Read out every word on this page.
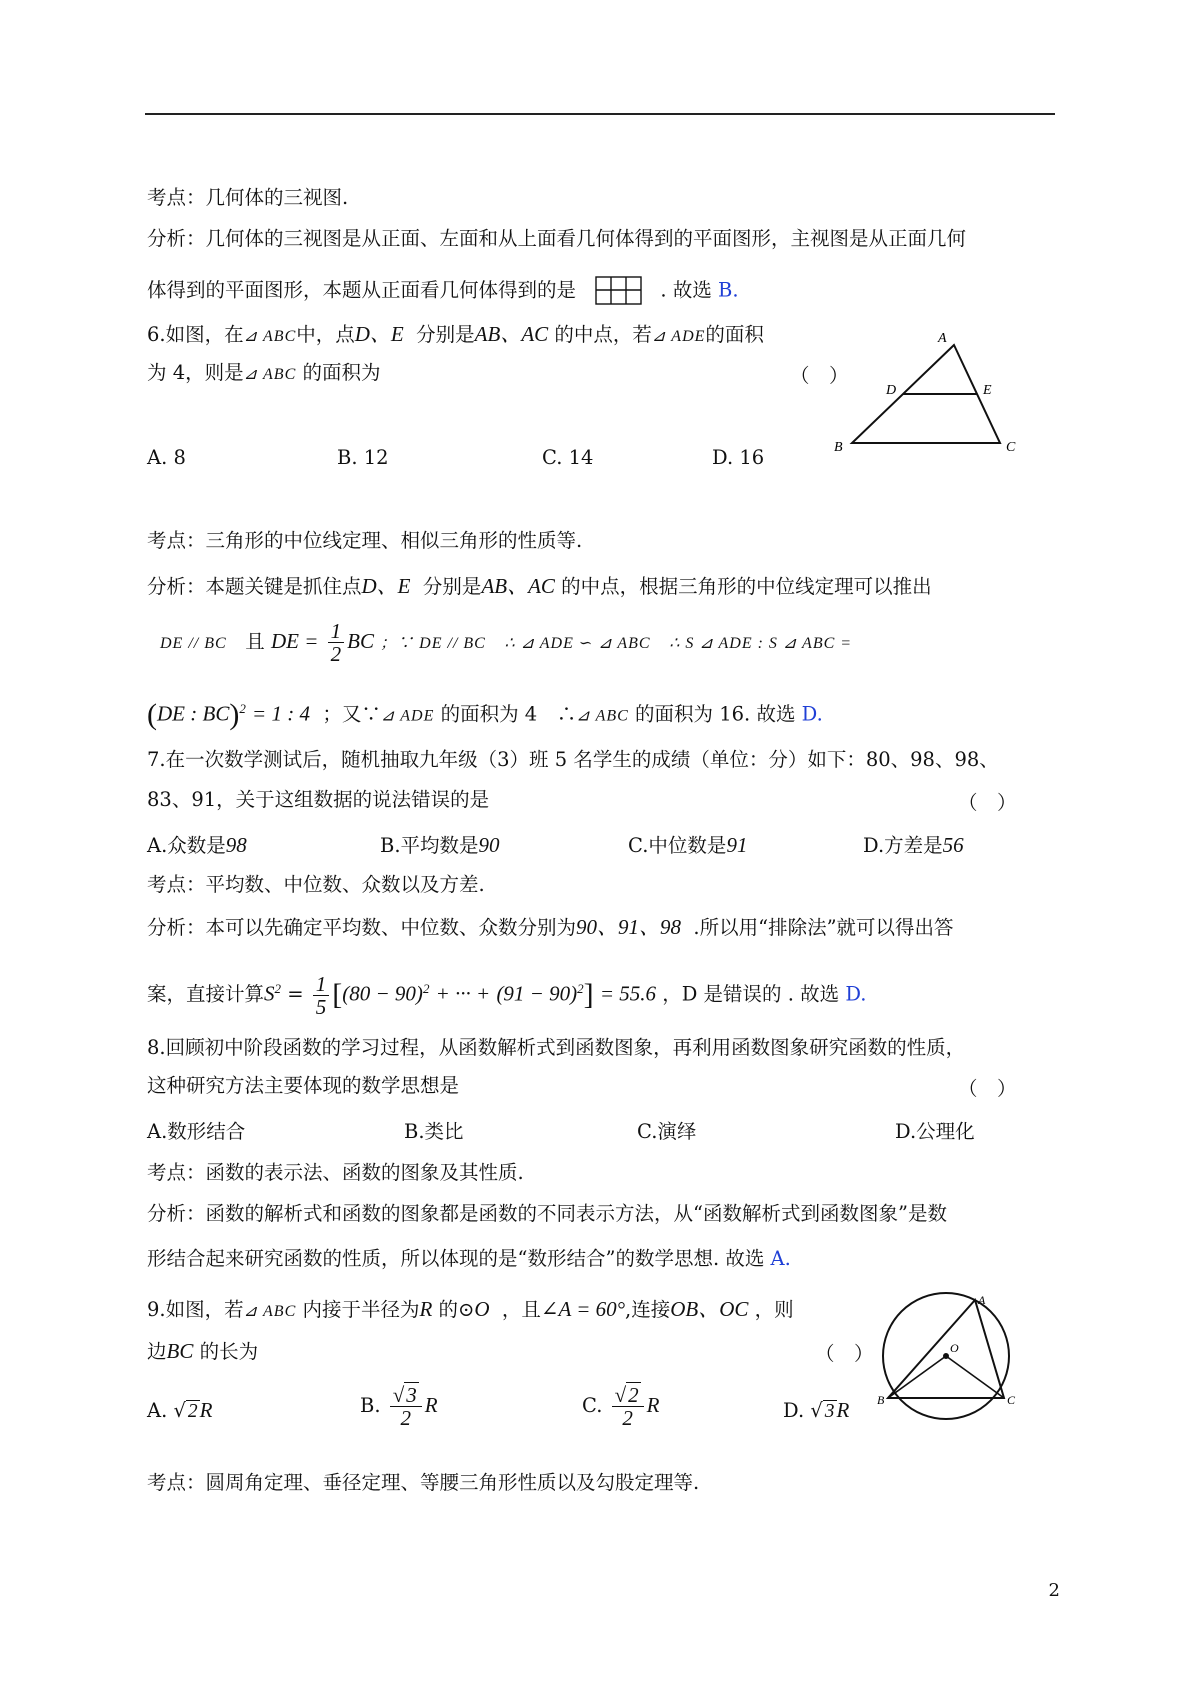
考点：几何体的三视图.
分析：几何体的三视图是从正面、左面和从上面看几何体得到的平面图形，主视图是从正面几何
体得到的平面图形，本题从正面看几何体得到的是	. 故选 B.
6.如图，在⊿ ABC中，点D、E 分别是AB、AC 的中点，若⊿ ADE的面积
为 4，则是⊿ ABC 的面积为	（　）
A
D	E
B	C
A. 8	B. 12	C. 14	D. 16
考点：三角形的中位线定理、相似三角形的性质等.
分析：本题关键是抓住点D、E 分别是AB、AC 的中点，根据三角形的中位线定理可以推出
DE // BC 且 DE = $\frac{1}{2}$ BC ；∵ DE // BC ∴ ⊿ ADE ∽ ⊿ ABC ∴ S ⊿ ADE : S ⊿ ABC =
(DE : BC)$^2$ = 1 : 4 ；又∵⊿ ADE 的面积为 4　∴⊿ ABC 的面积为 16. 故选 D.
7.在一次数学测试后，随机抽取九年级（3）班 5 名学生的成绩（单位：分）如下：80、98、98、
83、91，关于这组数据的说法错误的是	（　）
A.众数是98	B.平均数是90	C.中位数是91	D.方差是56
考点：平均数、中位数、众数以及方差.
分析：本可以先确定平均数、中位数、众数分别为90、91、98 .所以用“排除法”就可以得出答
案，直接计算$S^2 = \frac{1}{5} [(80 - 90)^2$ + ··· + $(91 - 90)^2] = 55.6$ ，D 是错误的 . 故选 D.
8.回顾初中阶段函数的学习过程，从函数解析式到函数图象，再利用函数图象研究函数的性质，
这种研究方法主要体现的数学思想是	（　）
A.数形结合	B.类比	C.演绎	D.公理化
考点：函数的表示法、函数的图象及其性质.
分析：函数的解析式和函数的图象都是函数的不同表示方法，从“函数解析式到函数图象”是数
形结合起来研究函数的性质，所以体现的是“数形结合”的数学思想. 故选 A.
9.如图，若⊿ ABC 内接于半径为R 的⊙O ，且∠A = 60°,连接OB、OC ，则
边BC 的长为	（　）
A
O
B	C
A. √ 2R	B. $\frac{√3}{2}$ R	C. $\frac{√2}{2}$ R	D. √ 3R
考点：圆周角定理、垂径定理、等腰三角形性质以及勾股定理等.
2
